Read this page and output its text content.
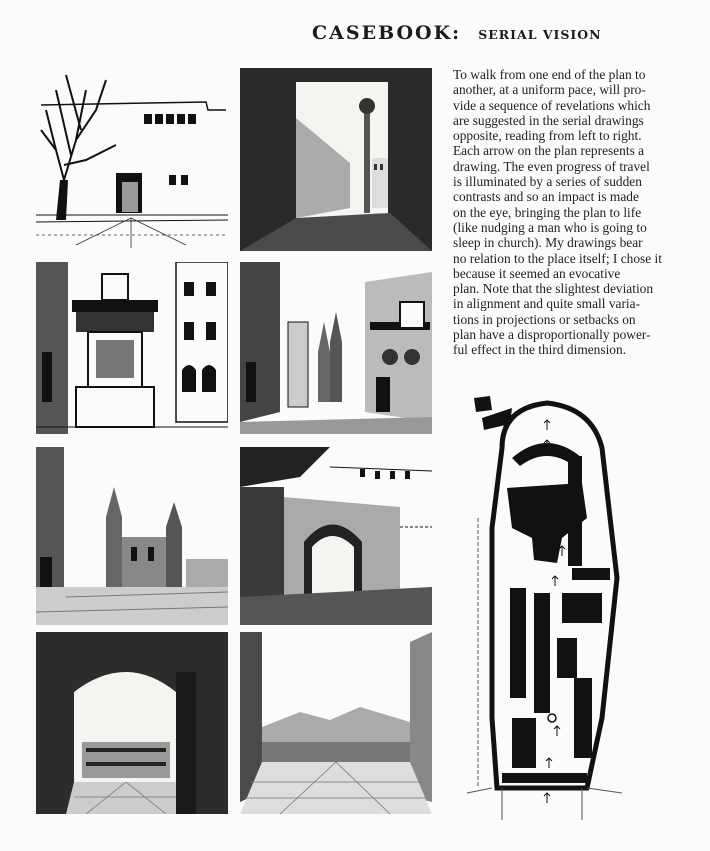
CASEBOOK: SERIAL VISION
To walk from one end of the plan to
another, at a uniform pace, will pro-
vide a sequence of revelations which
are suggested in the serial drawings
opposite, reading from left to right.
Each arrow on the plan represents a
drawing. The even progress of travel
is illuminated by a series of sudden
contrasts and so an impact is made
on the eye, bringing the plan to life
(like nudging a man who is going to
sleep in church). My drawings bear
no relation to the place itself; I chose it
because it seemed an evocative
plan. Note that the slightest deviation
in alignment and quite small varia-
tions in projections or setbacks on
plan have a disproportionally power-
ful effect in the third dimension.
